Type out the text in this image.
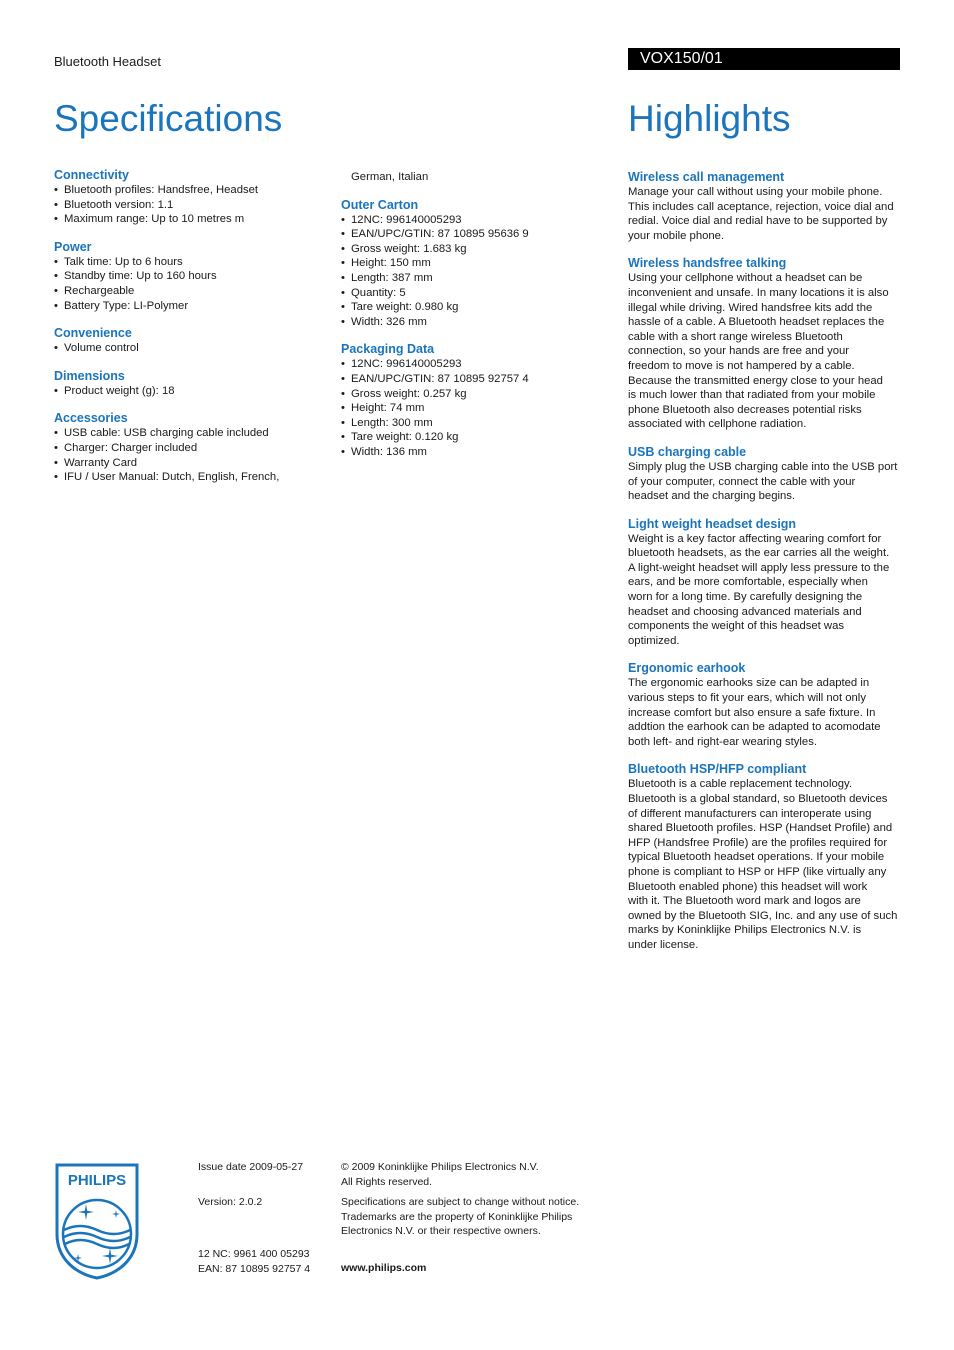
Bluetooth Headset	VOX150/01
Specifications	Highlights
Connectivity
• Bluetooth profiles: Handsfree, Headset
• Bluetooth version: 1.1
• Maximum range: Up to 10 metres m
Power
• Talk time: Up to 6 hours
• Standby time: Up to 160 hours
• Rechargeable
• Battery Type: LI-Polymer
Convenience
• Volume control
Dimensions
• Product weight (g): 18
Accessories
• USB cable: USB charging cable included
• Charger: Charger included
• Warranty Card
• IFU / User Manual: Dutch, English, French,
German, Italian
Outer Carton
• 12NC: 996140005293
• EAN/UPC/GTIN: 87 10895 95636 9
• Gross weight: 1.683 kg
• Height: 150 mm
• Length: 387 mm
• Quantity: 5
• Tare weight: 0.980 kg
• Width: 326 mm
Packaging Data
• 12NC: 996140005293
• EAN/UPC/GTIN: 87 10895 92757 4
• Gross weight: 0.257 kg
• Height: 74 mm
• Length: 300 mm
• Tare weight: 0.120 kg
• Width: 136 mm
Wireless call management
Manage your call without using your mobile phone.
This includes call aceptance, rejection, voice dial and
redial. Voice dial and redial have to be supported by
your mobile phone.
Wireless handsfree talking
Using your cellphone without a headset can be
inconvenient and unsafe. In many locations it is also
illegal while driving. Wired handsfree kits add the
hassle of a cable. A Bluetooth headset replaces the
cable with a short range wireless Bluetooth
connection, so your hands are free and your
freedom to move is not hampered by a cable.
Because the transmitted energy close to your head
is much lower than that radiated from your mobile
phone Bluetooth also decreases potential risks
associated with cellphone radiation.
USB charging cable
Simply plug the USB charging cable into the USB port
of your computer, connect the cable with your
headset and the charging begins.
Light weight headset design
Weight is a key factor affecting wearing comfort for
bluetooth headsets, as the ear carries all the weight.
A light-weight headset will apply less pressure to the
ears, and be more comfortable, especially when
worn for a long time. By carefully designing the
headset and choosing advanced materials and
components the weight of this headset was
optimized.
Ergonomic earhook
The ergonomic earhooks size can be adapted in
various steps to fit your ears, which will not only
increase comfort but also ensure a safe fixture. In
addtion the earhook can be adapted to acomodate
both left- and right-ear wearing styles.
Bluetooth HSP/HFP compliant
Bluetooth is a cable replacement technology.
Bluetooth is a global standard, so Bluetooth devices
of different manufacturers can interoperate using
shared Bluetooth profiles. HSP (Handset Profile) and
HFP (Handsfree Profile) are the profiles required for
typical Bluetooth headset operations. If your mobile
phone is compliant to HSP or HFP (like virtually any
Bluetooth enabled phone) this headset will work
with it. The Bluetooth word mark and logos are
owned by the Bluetooth SIG, Inc. and any use of such
marks by Koninklijke Philips Electronics N.V. is
under license.
PHILIPS
Issue date 2009-05-27
Version: 2.0.2
12 NC: 9961 400 05293
EAN: 87 10895 92757 4
© 2009 Koninklijke Philips Electronics N.V.
All Rights reserved.
Specifications are subject to change without notice.
Trademarks are the property of Koninklijke Philips
Electronics N.V. or their respective owners.
www.philips.com
